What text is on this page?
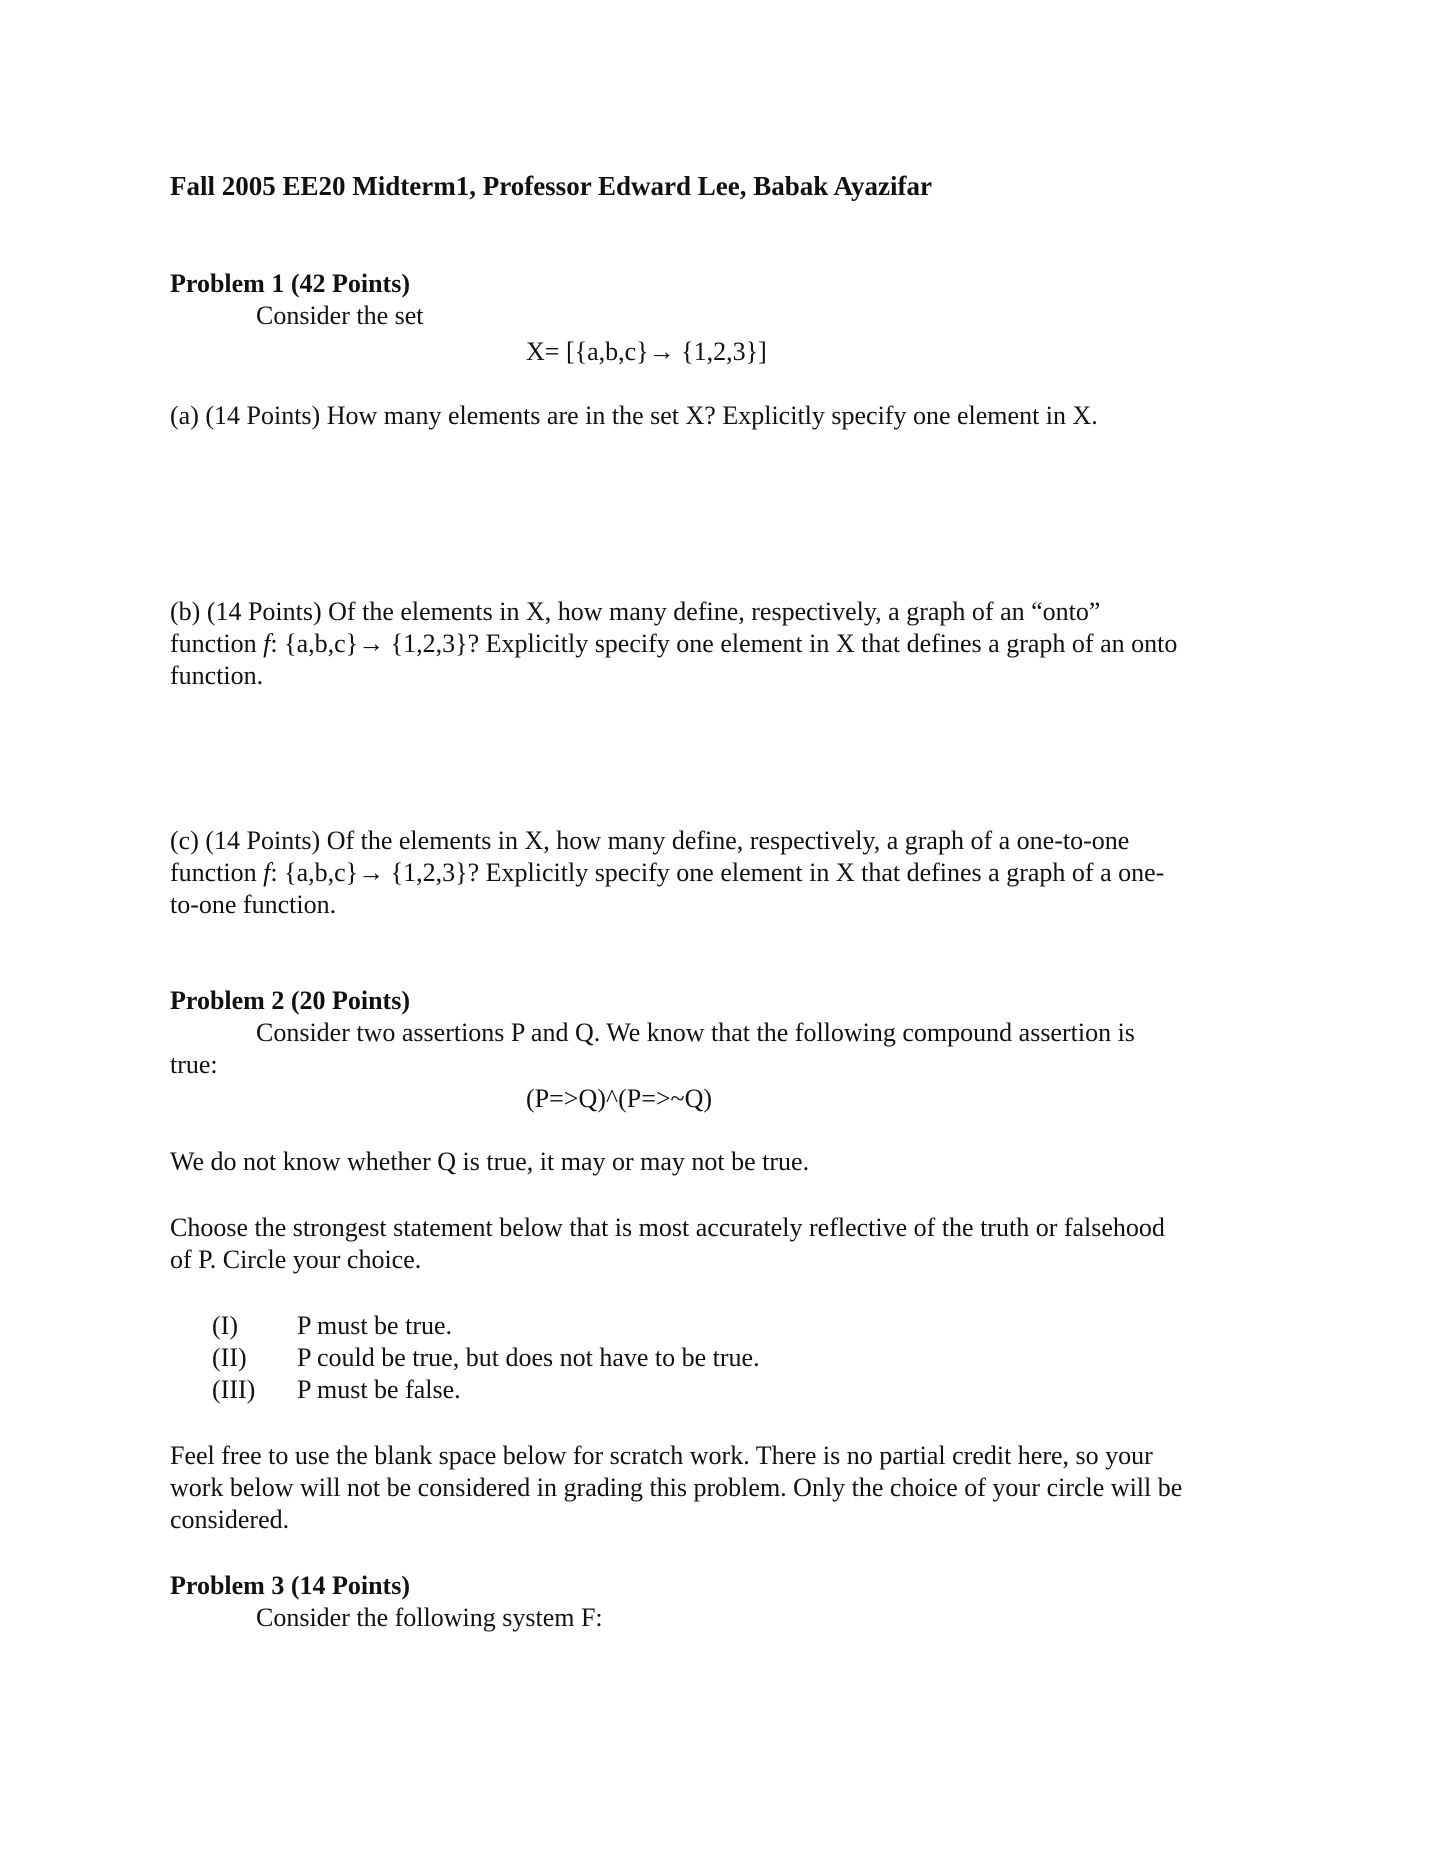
Fall 2005 EE20 Midterm1, Professor Edward Lee, Babak Ayazifar
Problem 1 (42 Points)
Consider the set
X= [{a,b,c}→ {1,2,3}]
(a) (14 Points) How many elements are in the set X? Explicitly specify one element in X.
(b) (14 Points) Of the elements in X, how many define, respectively, a graph of an “onto”
function f: {a,b,c}→ {1,2,3}? Explicitly specify one element in X that defines a graph of an onto
function.
(c) (14 Points) Of the elements in X, how many define, respectively, a graph of a one-to-one
function f: {a,b,c}→ {1,2,3}? Explicitly specify one element in X that defines a graph of a one-
to-one function.
Problem 2 (20 Points)
Consider two assertions P and Q. We know that the following compound assertion is
true:
(P=>Q)^(P=>~Q)
We do not know whether Q is true, it may or may not be true.
Choose the strongest statement below that is most accurately reflective of the truth or falsehood
of P. Circle your choice.
(I) P must be true.
(II) P could be true, but does not have to be true.
(III) P must be false.
Feel free to use the blank space below for scratch work. There is no partial credit here, so your
work below will not be considered in grading this problem. Only the choice of your circle will be
considered.
Problem 3 (14 Points)
Consider the following system F:
